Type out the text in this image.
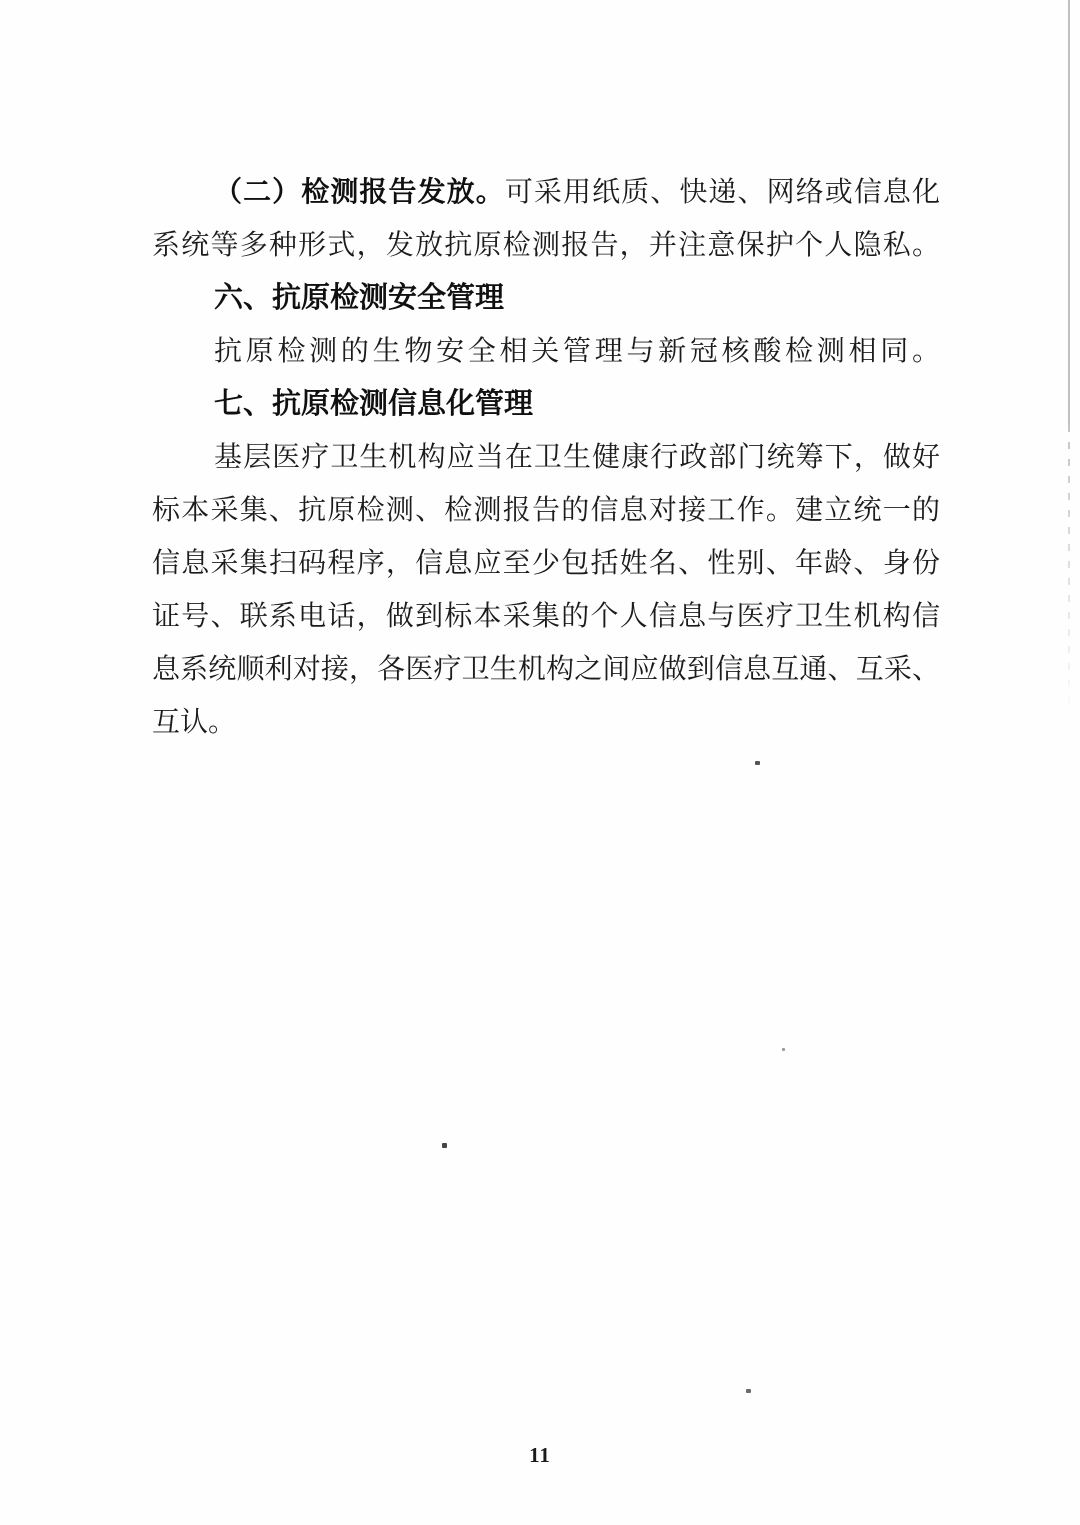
（二）检测报告发放。可采用纸质、快递、网络或信息化
系统等多种形式，发放抗原检测报告，并注意保护个人隐私。
六、抗原检测安全管理
抗原检测的生物安全相关管理与新冠核酸检测相同。
七、抗原检测信息化管理
基层医疗卫生机构应当在卫生健康行政部门统筹下，做好
标本采集、抗原检测、检测报告的信息对接工作。建立统一的
信息采集扫码程序，信息应至少包括姓名、性别、年龄、身份
证号、联系电话，做到标本采集的个人信息与医疗卫生机构信
息系统顺利对接，各医疗卫生机构之间应做到信息互通、互采、
互认。
11
